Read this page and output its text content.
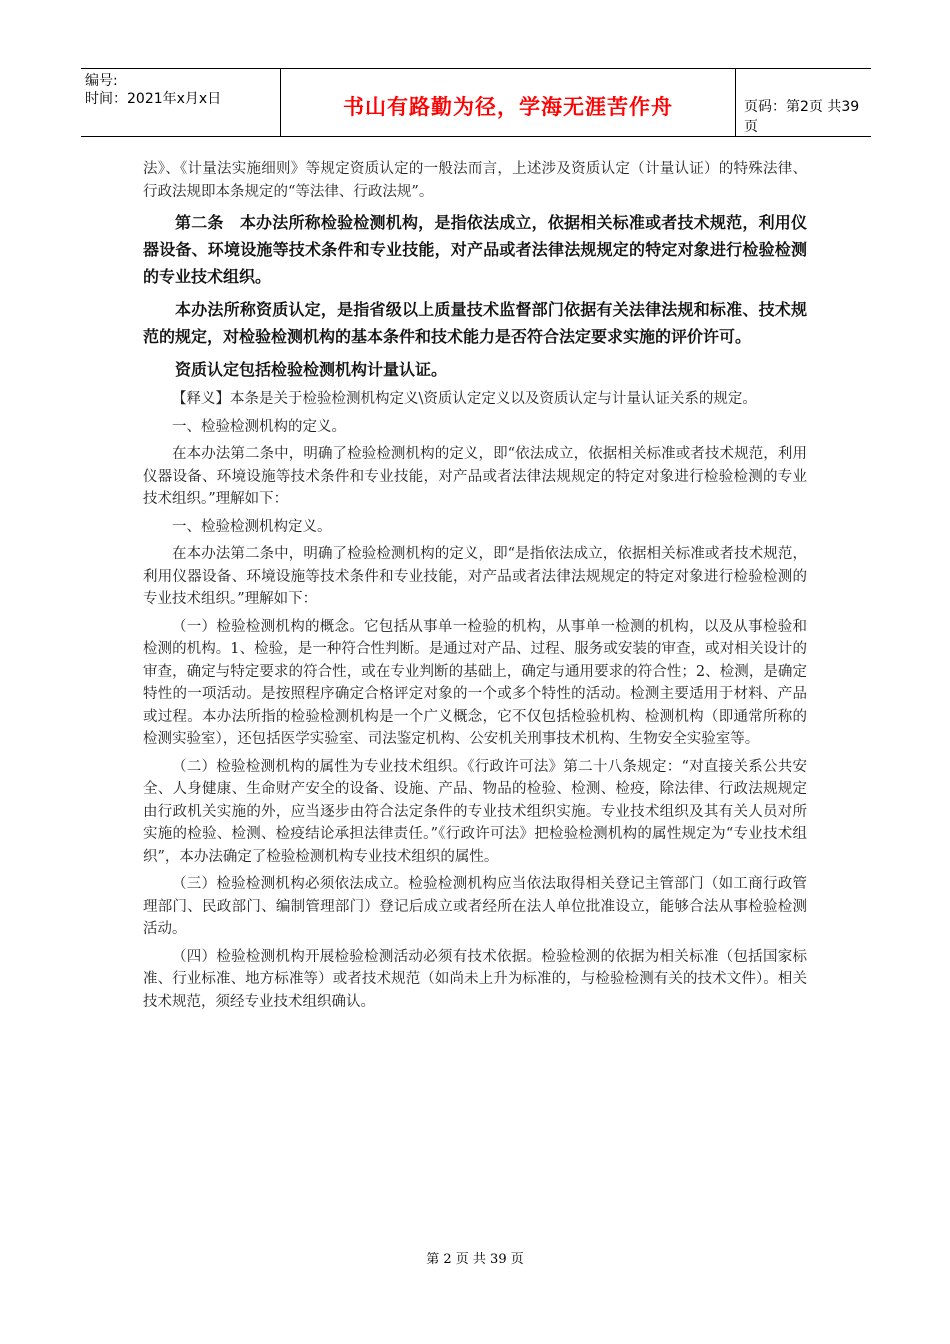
编号:
时间：2021年x月x日	书山有路勤为径，学海无涯苦作舟	页码：第2页 共39页

法》、《计量法实施细则》等规定资质认定的一般法而言，上述涉及资质认定（计量认证）的特殊法律、行政法规即本条规定的“等法律、行政法规”。

第二条　本办法所称检验检测机构，是指依法成立，依据相关标准或者技术规范，利用仪器设备、环境设施等技术条件和专业技能，对产品或者法律法规规定的特定对象进行检验检测的专业技术组织。

本办法所称资质认定，是指省级以上质量技术监督部门依据有关法律法规和标准、技术规范的规定，对检验检测机构的基本条件和技术能力是否符合法定要求实施的评价许可。

资质认定包括检验检测机构计量认证。

【释义】本条是关于检验检测机构定义\资质认定定义以及资质认定与计量认证关系的规定。

一、检验检测机构的定义。

在本办法第二条中，明确了检验检测机构的定义，即“依法成立，依据相关标准或者技术规范，利用仪器设备、环境设施等技术条件和专业技能，对产品或者法律法规规定的特定对象进行检验检测的专业技术组织。”理解如下：

一、检验检测机构定义。

在本办法第二条中，明确了检验检测机构的定义，即“是指依法成立，依据相关标准或者技术规范，利用仪器设备、环境设施等技术条件和专业技能，对产品或者法律法规规定的特定对象进行检验检测的专业技术组织。”理解如下：

（一）检验检测机构的概念。它包括从事单一检验的机构，从事单一检测的机构，以及从事检验和检测的机构。1、检验，是一种符合性判断。是通过对产品、过程、服务或安装的审查，或对相关设计的审查，确定与特定要求的符合性，或在专业判断的基础上，确定与通用要求的符合性；2、检测，是确定特性的一项活动。是按照程序确定合格评定对象的一个或多个特性的活动。检测主要适用于材料、产品或过程。本办法所指的检验检测机构是一个广义概念，它不仅包括检验机构、检测机构（即通常所称的检测实验室），还包括医学实验室、司法鉴定机构、公安机关刑事技术机构、生物安全实验室等。

（二）检验检测机构的属性为专业技术组织。《行政许可法》第二十八条规定：“对直接关系公共安全、人身健康、生命财产安全的设备、设施、产品、物品的检验、检测、检疫，除法律、行政法规规定由行政机关实施的外，应当逐步由符合法定条件的专业技术组织实施。专业技术组织及其有关人员对所实施的检验、检测、检疫结论承担法律责任。”《行政许可法》把检验检测机构的属性规定为“专业技术组织”，本办法确定了检验检测机构专业技术组织的属性。

（三）检验检测机构必须依法成立。检验检测机构应当依法取得相关登记主管部门（如工商行政管理部门、民政部门、编制管理部门）登记后成立或者经所在法人单位批准设立，能够合法从事检验检测活动。

（四）检验检测机构开展检验检测活动必须有技术依据。检验检测的依据为相关标准（包括国家标准、行业标准、地方标准等）或者技术规范（如尚未上升为标准的，与检验检测有关的技术文件）。相关技术规范，须经专业技术组织确认。

第 2 页 共 39 页
